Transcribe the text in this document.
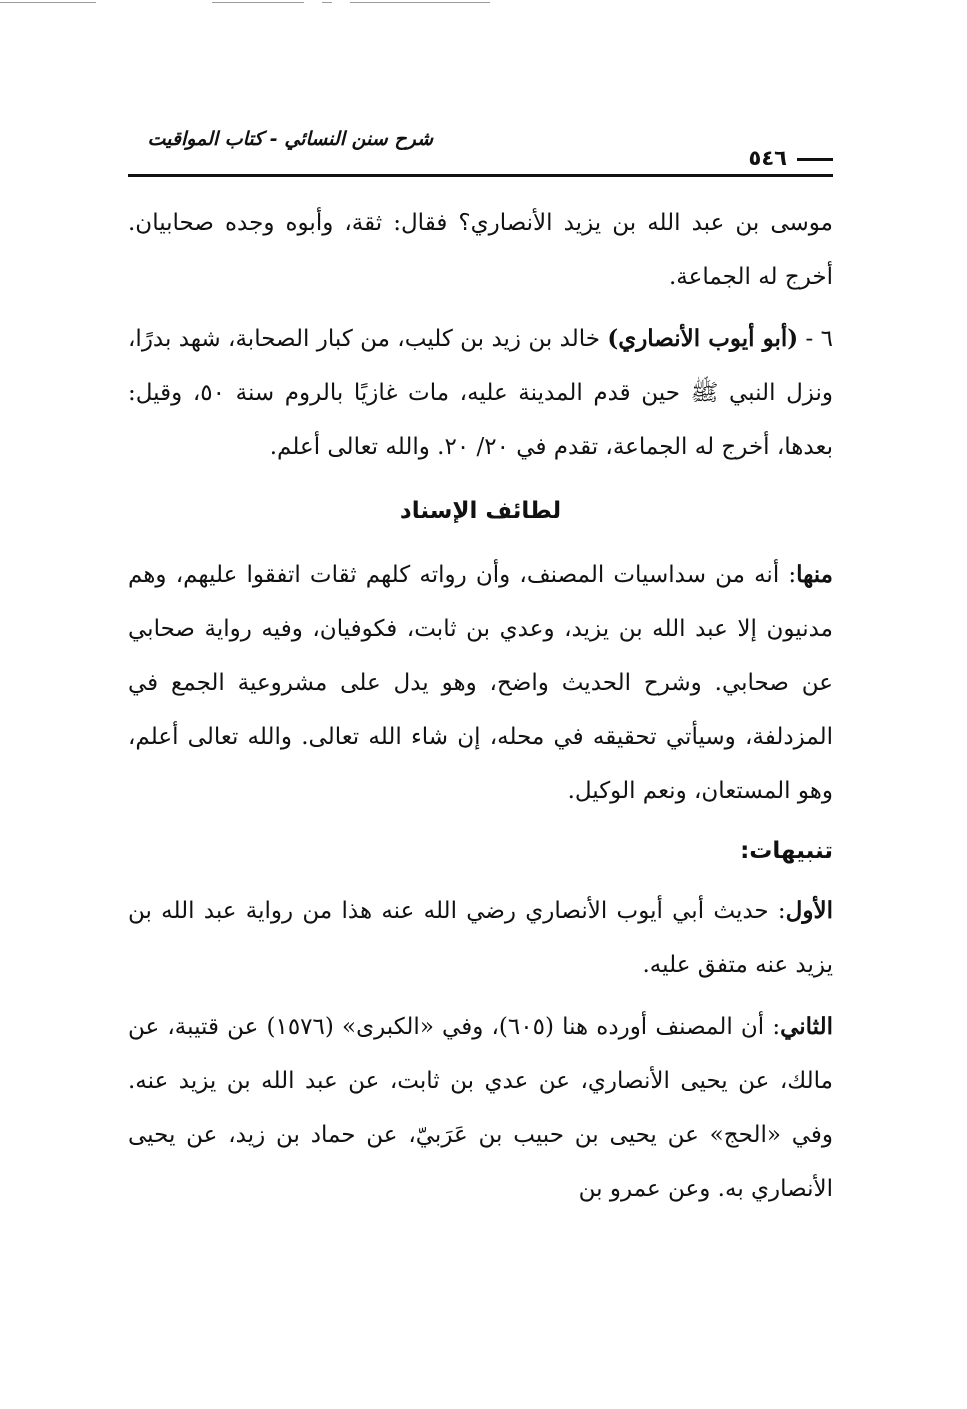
شرح سنن النسائي - كتاب المواقيت
٥٤٦

موسى بن عبد الله بن يزيد الأنصاري؟ فقال: ثقة، وأبوه وجده صحابيان. أخرج له الجماعة.

٦ - (أبو أيوب الأنصاري) خالد بن زيد بن كليب، من كبار الصحابة، شهد بدرًا، ونزل النبي ﷺ حين قدم المدينة عليه، مات غازيًا بالروم سنة ٥٠، وقيل: بعدها، أخرج له الجماعة، تقدم في ٢٠/ ٢٠. والله تعالى أعلم.

لطائف الإسناد

منها: أنه من سداسيات المصنف، وأن رواته كلهم ثقات اتفقوا عليهم، وهم مدنيون إلا عبد الله بن يزيد، وعدي بن ثابت، فكوفيان، وفيه رواية صحابي عن صحابي. وشرح الحديث واضح، وهو يدل على مشروعية الجمع في المزدلفة، وسيأتي تحقيقه في محله، إن شاء الله تعالى. والله تعالى أعلم، وهو المستعان، ونعم الوكيل.

تنبيهات:

الأول: حديث أبي أيوب الأنصاري رضي الله عنه هذا من رواية عبد الله بن يزيد عنه متفق عليه.

الثاني: أن المصنف أورده هنا (٦٠٥)، وفي «الكبرى» (١٥٧٦) عن قتيبة، عن مالك، عن يحيى الأنصاري، عن عدي بن ثابت، عن عبد الله بن يزيد عنه. وفي «الحج» عن يحيى بن حبيب بن عَرَبيّ، عن حماد بن زيد، عن يحيى الأنصاري به. وعن عمرو بن
